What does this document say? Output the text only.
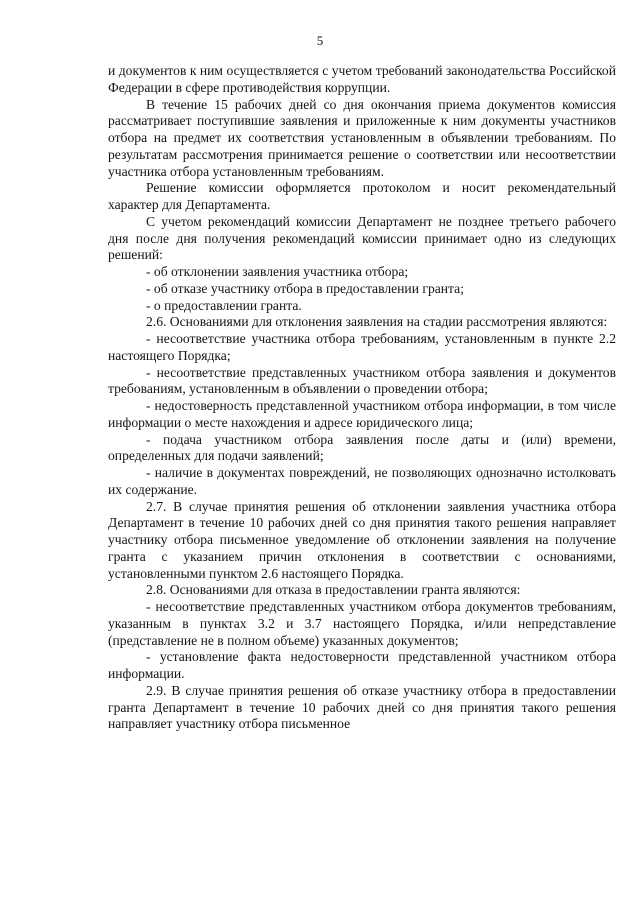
5

и документов к ним осуществляется с учетом требований законодательства Российской Федерации в сфере противодействия коррупции.

В течение 15 рабочих дней со дня окончания приема документов комиссия рассматривает поступившие заявления и приложенные к ним документы участников отбора на предмет их соответствия установленным в объявлении требованиям. По результатам рассмотрения принимается решение о соответствии или несоответствии участника отбора установленным требованиям.

Решение комиссии оформляется протоколом и носит рекомендательный характер для Департамента.

С учетом рекомендаций комиссии Департамент не позднее третьего рабочего дня после дня получения рекомендаций комиссии принимает одно из следующих решений:

- об отклонении заявления участника отбора;

- об отказе участнику отбора в предоставлении гранта;

- о предоставлении гранта.

2.6. Основаниями для отклонения заявления на стадии рассмотрения являются:

- несоответствие участника отбора требованиям, установленным в пункте 2.2 настоящего Порядка;

- несоответствие представленных участником отбора заявления и документов требованиям, установленным в объявлении о проведении отбора;

- недостоверность представленной участником отбора информации, в том числе информации о месте нахождения и адресе юридического лица;

- подача участником отбора заявления после даты и (или) времени, определенных для подачи заявлений;

- наличие в документах повреждений, не позволяющих однозначно истолковать их содержание.

2.7. В случае принятия решения об отклонении заявления участника отбора Департамент в течение 10 рабочих дней со дня принятия такого решения направляет участнику отбора письменное уведомление об отклонении заявления на получение гранта с указанием причин отклонения в соответствии с основаниями, установленными пунктом 2.6 настоящего Порядка.

2.8. Основаниями для отказа в предоставлении гранта являются:

- несоответствие представленных участником отбора документов требованиям, указанным в пунктах 3.2 и 3.7 настоящего Порядка, и/или непредставление (представление не в полном объеме) указанных документов;

- установление факта недостоверности представленной участником отбора информации.

2.9. В случае принятия решения об отказе участнику отбора в предоставлении гранта Департамент в течение 10 рабочих дней со дня принятия такого решения направляет участнику отбора письменное
